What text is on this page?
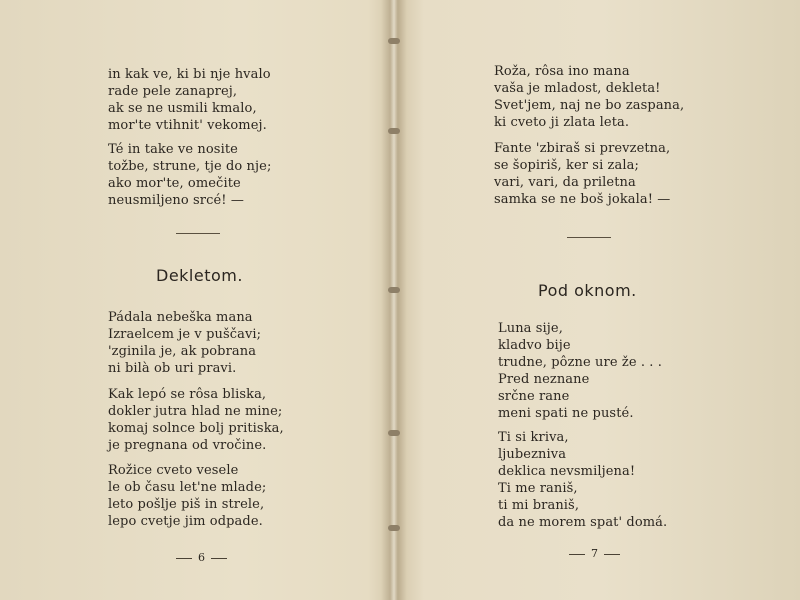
in kak ve, ki bi nje hvalo
rade pele zanaprej,
ak se ne usmili kmalo,
mor'te vtihnit' vekomej.
Té in take ve nosite
tožbe, strune, tje do nje;
ako mor'te, omečite
neusmiljeno srcé! —
Dekletom.
Pádala nebeška mana
Izraelcem je v puščavi;
'zginila je, ak pobrana
ni bilà ob uri pravi.
Kak lepó se rôsa bliska,
dokler jutra hlad ne mine;
komaj solnce bolj pritiska,
je pregnana od vročine.
Rožice cveto vesele
le ob času let'ne mlade;
leto pošlje piš in strele,
lepo cvetje jim odpade.
6
Roža, rôsa ino mana
vaša je mladost, dekleta!
Svet'jem, naj ne bo zaspana,
ki cveto ji zlata leta.
Fante 'zbiraš si prevzetna,
se šopiriš, ker si zala;
vari, vari, da priletna
samka se ne boš jokala! —
Pod oknom.
Luna sije,
kladvo bije
trudne, pôzne ure že . . .
Pred neznane
srčne rane
meni spati ne pusté.
Ti si kriva,
ljubezniva
deklica nevsmiljena!
Ti me raniš,
ti mi braniš,
da ne morem spat' domá.
7
